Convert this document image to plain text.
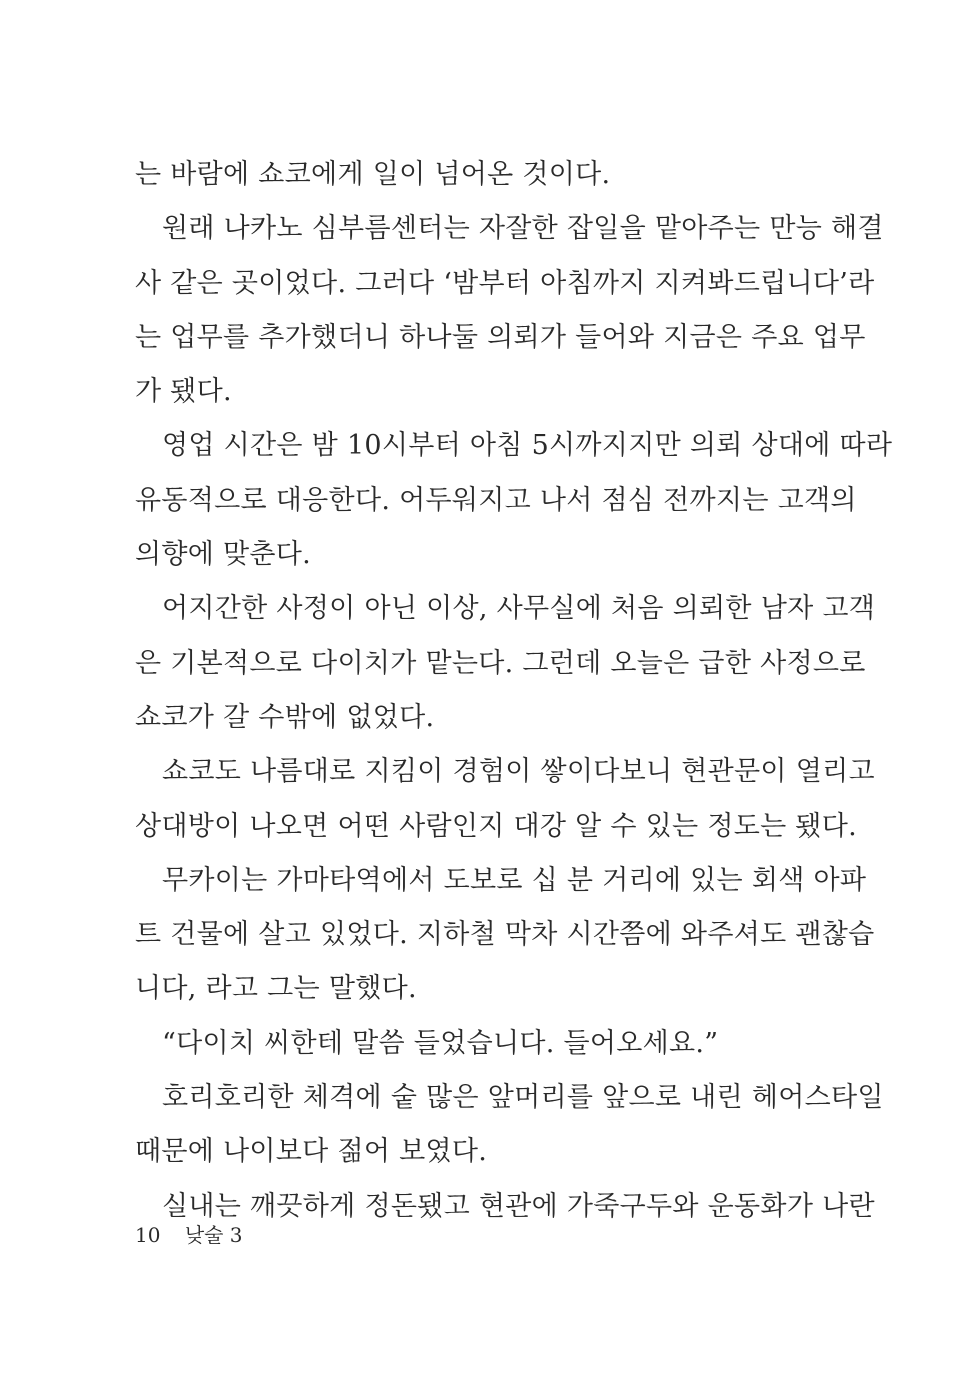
는 바람에 쇼코에게 일이 넘어온 것이다.
원래 나카노 심부름센터는 자잘한 잡일을 맡아주는 만능 해결
사 같은 곳이었다. 그러다 ‘밤부터 아침까지 지켜봐드립니다’라
는 업무를 추가했더니 하나둘 의뢰가 들어와 지금은 주요 업무
가 됐다.
영업 시간은 밤 10시부터 아침 5시까지지만 의뢰 상대에 따라
유동적으로 대응한다. 어두워지고 나서 점심 전까지는 고객의
의향에 맞춘다.
어지간한 사정이 아닌 이상, 사무실에 처음 의뢰한 남자 고객
은 기본적으로 다이치가 맡는다. 그런데 오늘은 급한 사정으로
쇼코가 갈 수밖에 없었다.
쇼코도 나름대로 지킴이 경험이 쌓이다보니 현관문이 열리고
상대방이 나오면 어떤 사람인지 대강 알 수 있는 정도는 됐다.
무카이는 가마타역에서 도보로 십 분 거리에 있는 회색 아파
트 건물에 살고 있었다. 지하철 막차 시간쯤에 와주셔도 괜찮습
니다, 라고 그는 말했다.
“다이치 씨한테 말씀 들었습니다. 들어오세요.”
호리호리한 체격에 숱 많은 앞머리를 앞으로 내린 헤어스타일
때문에 나이보다 젊어 보였다.
실내는 깨끗하게 정돈됐고 현관에 가죽구두와 운동화가 나란
10 낮술 3
